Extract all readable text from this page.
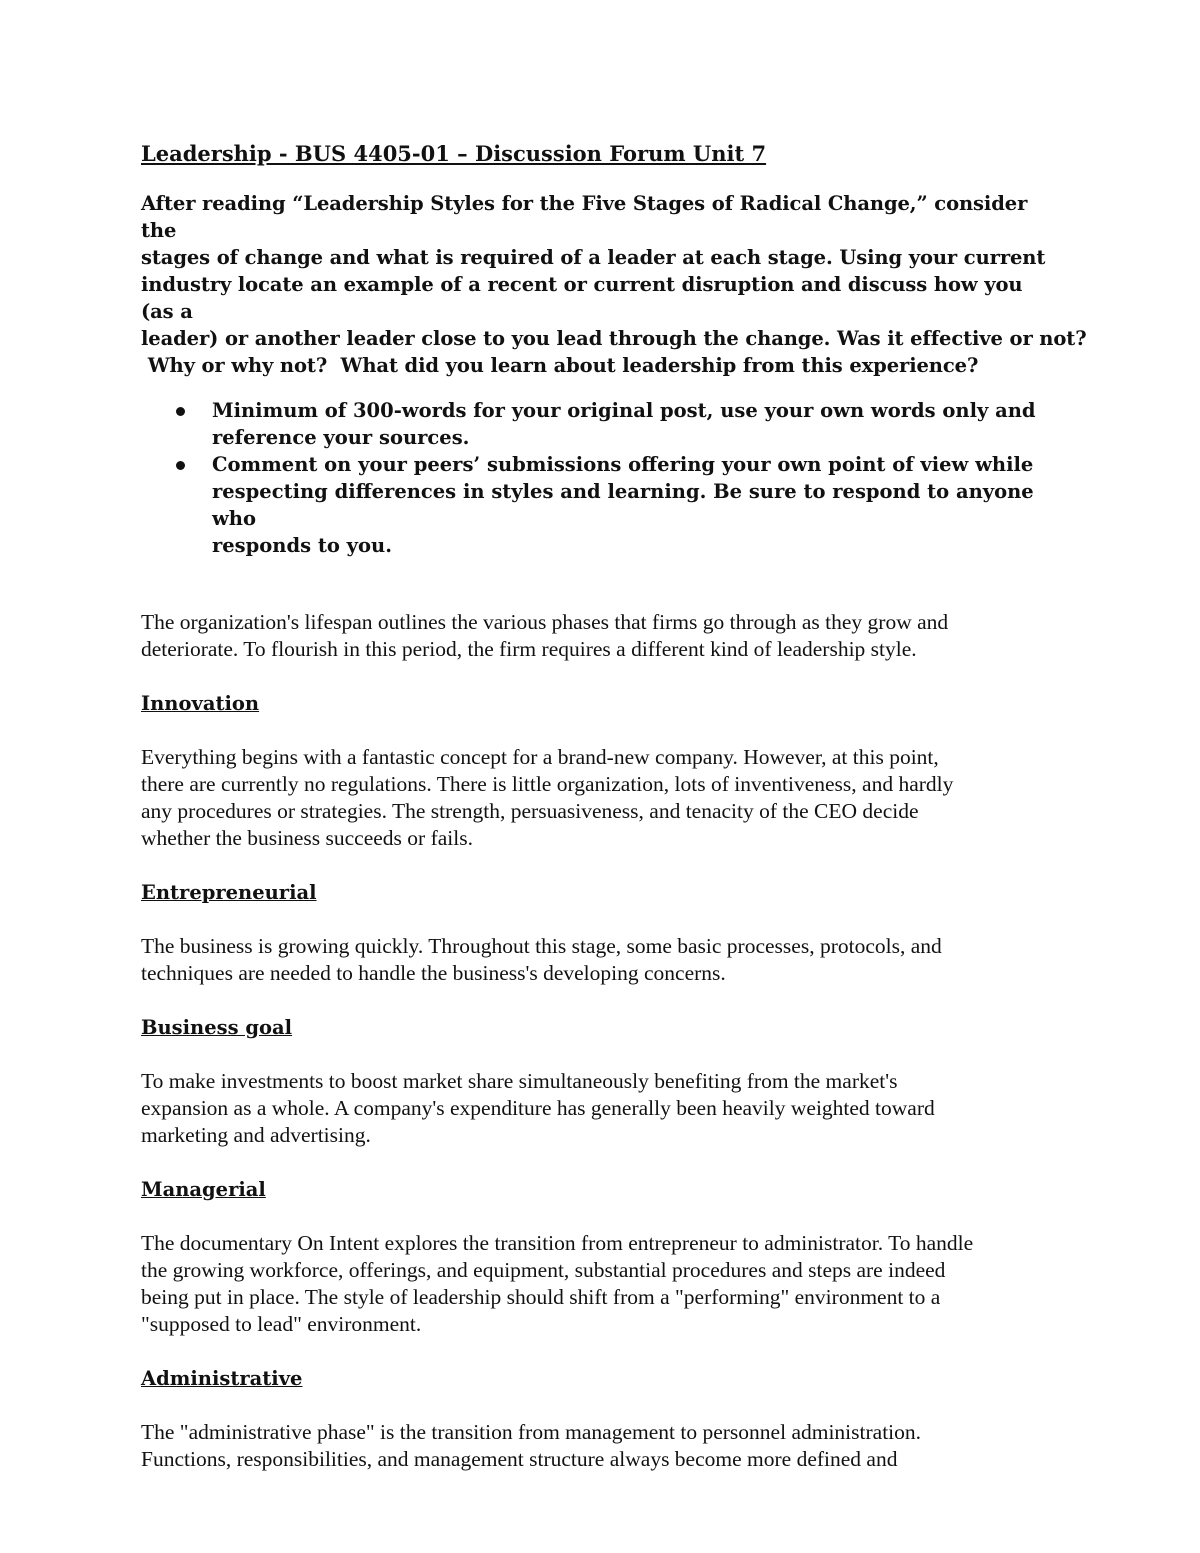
Leadership - BUS 4405-01 – Discussion Forum Unit 7

After reading “Leadership Styles for the Five Stages of Radical Change,” consider the

stages of change and what is required of a leader at each stage. Using your current

industry locate an example of a recent or current disruption and discuss how you (as a

leader) or another leader close to you lead through the change. Was it effective or not?

Why or why not?  What did you learn about leadership from this experience?

Minimum of 300-words for your original post, use your own words only and
reference your sources.
Comment on your peers’ submissions offering your own point of view while
respecting differences in styles and learning. Be sure to respond to anyone who
responds to you.
The organization's lifespan outlines the various phases that firms go through as they grow and
deteriorate. To flourish in this period, the firm requires a different kind of leadership style.
Innovation
Everything begins with a fantastic concept for a brand-new company. However, at this point,
there are currently no regulations. There is little organization, lots of inventiveness, and hardly
any procedures or strategies. The strength, persuasiveness, and tenacity of the CEO decide
whether the business succeeds or fails.
Entrepreneurial
The business is growing quickly. Throughout this stage, some basic processes, protocols, and
techniques are needed to handle the business's developing concerns.
Business goal
To make investments to boost market share simultaneously benefiting from the market's
expansion as a whole. A company's expenditure has generally been heavily weighted toward
marketing and advertising.
Managerial
The documentary On Intent explores the transition from entrepreneur to administrator. To handle
the growing workforce, offerings, and equipment, substantial procedures and steps are indeed
being put in place. The style of leadership should shift from a "performing" environment to a
"supposed to lead" environment.
Administrative
The "administrative phase" is the transition from management to personnel administration.
Functions, responsibilities, and management structure always become more defined and
